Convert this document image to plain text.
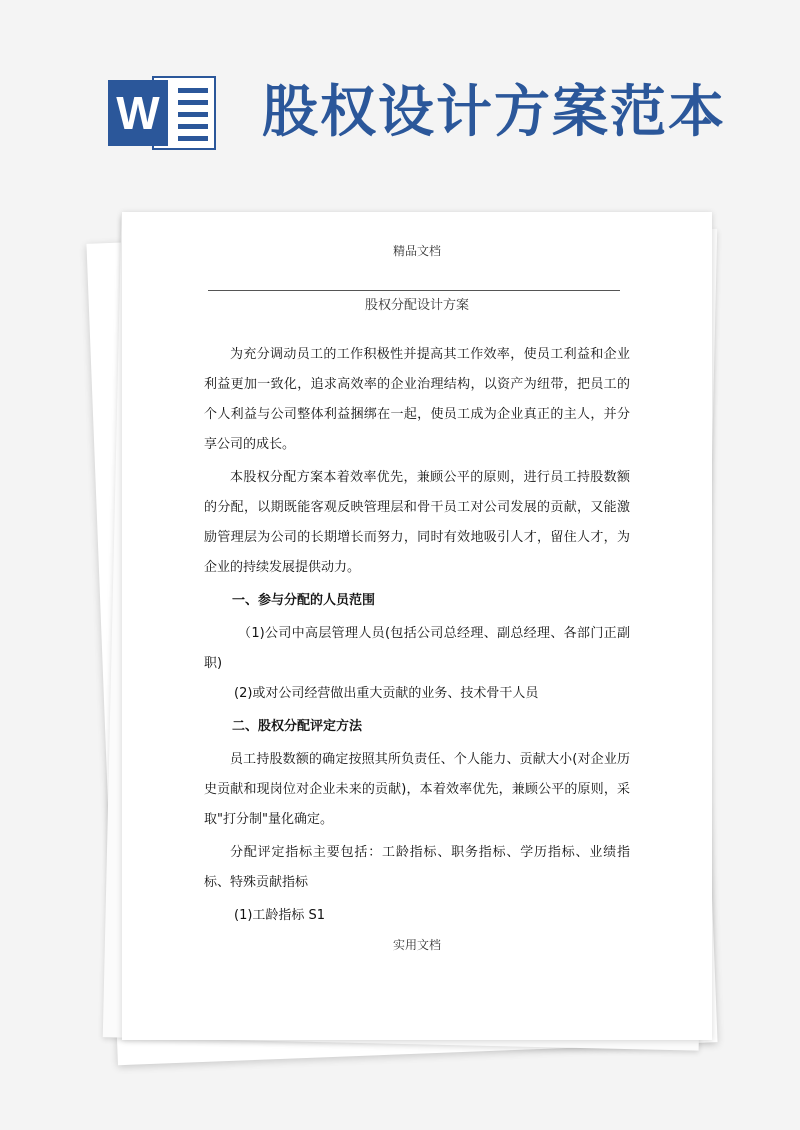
W 股权设计方案范本
精品文档
股权分配设计方案

为充分调动员工的工作积极性并提高其工作效率，使员工利益和企业利益更加一致化，追求高效率的企业治理结构，以资产为纽带，把员工的个人利益与公司整体利益捆绑在一起，使员工成为企业真正的主人，并分享公司的成长。

本股权分配方案本着效率优先，兼顾公平的原则，进行员工持股数额的分配，以期既能客观反映管理层和骨干员工对公司发展的贡献，又能激励管理层为公司的长期增长而努力，同时有效地吸引人才，留住人才，为企业的持续发展提供动力。

一、参与分配的人员范围

（1)公司中高层管理人员(包括公司总经理、副总经理、各部门正副职)

(2)或对公司经营做出重大贡献的业务、技术骨干人员

二、股权分配评定方法

员工持股数额的确定按照其所负责任、个人能力、贡献大小(对企业历史贡献和现岗位对企业未来的贡献)，本着效率优先，兼顾公平的原则，采取"打分制"量化确定。

分配评定指标主要包括：工龄指标、职务指标、学历指标、业绩指标、特殊贡献指标

(1)工龄指标 S1

实用文档
